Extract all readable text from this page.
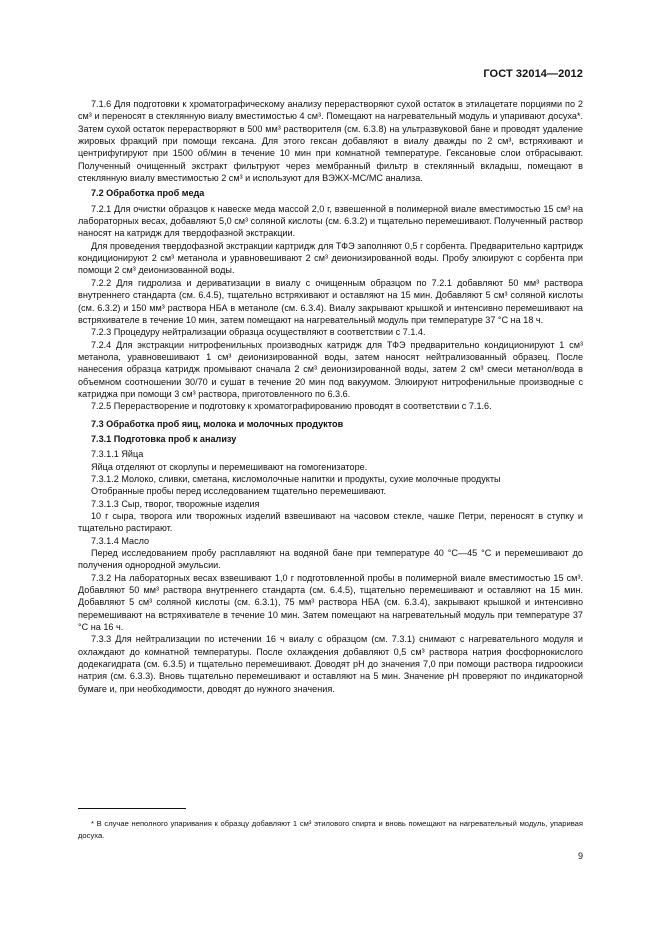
ГОСТ 32014—2012

7.1.6 Для подготовки к хроматографическому анализу перерастворяют сухой остаток в этилацетате порциями по 2 см³ и переносят в стеклянную виалу вместимостью 4 см³. Помещают на нагревательный модуль и упаривают досуха*. Затем сухой остаток перерастворяют в 500 мм³ растворителя (см. 6.3.8) на ультразвуковой бане и проводят удаление жировых фракций при помощи гексана. Для этого гексан добавляют в виалу дважды по 2 см³, встряхивают и центрифугируют при 1500 об/мин в течение 10 мин при комнатной температуре. Гексановые слои отбрасывают. Полученный очищенный экстракт фильтруют через мембранный фильтр в стеклянный вкладыш, помещают в стеклянную виалу вместимостью 2 см³ и используют для ВЭЖХ-МС/МС анализа.

7.2 Обработка проб меда

7.2.1 Для очистки образцов к навеске меда массой 2,0 г, взвешенной в полимерной виале вместимостью 15 см³ на лабораторных весах, добавляют 5,0 см³ соляной кислоты (см. 6.3.2) и тщательно перемешивают. Полученный раствор наносят на катридж для твердофазной экстракции.

Для проведения твердофазной экстракции картридж для ТФЭ заполняют 0,5 г сорбента. Предварительно картридж кондиционируют 2 см³ метанола и уравновешивают 2 см³ деионизированной воды. Пробу элюируют с сорбента при помощи 2 см³ деионизованной воды.

7.2.2 Для гидролиза и дериватизации в виалу с очищенным образцом по 7.2.1 добавляют 50 мм³ раствора внутреннего стандарта (см. 6.4.5), тщательно встряхивают и оставляют на 15 мин. Добавляют 5 см³ соляной кислоты (см. 6.3.2) и 150 мм³ раствора НБА в метаноле (см. 6.3.4). Виалу закрывают крышкой и интенсивно перемешивают на встряхивателе в течение 10 мин, затем помещают на нагревательный модуль при температуре 37 °С на 18 ч.

7.2.3 Процедуру нейтрализации образца осуществляют в соответствии с 7.1.4.

7.2.4 Для экстракции нитрофенильных производных катридж для ТФЭ предварительно кондиционируют 1 см³ метанола, уравновешивают 1 см³ деионизированной воды, затем наносят нейтрализованный образец. После нанесения образца катридж промывают сначала 2 см³ деионизированной воды, затем 2 см³ смеси метанол/вода в объемном соотношении 30/70 и сушат в течение 20 мин под вакуумом. Элюируют нитрофенильные производные с катриджа при помощи 3 см³ раствора, приготовленного по 6.3.6.

7.2.5 Перерастворение и подготовку к хроматографированию проводят в соответствии с 7.1.6.

7.3 Обработка проб яиц, молока и молочных продуктов

7.3.1 Подготовка проб к анализу

7.3.1.1 Яйца

Яйца отделяют от скорлупы и перемешивают на гомогенизаторе.

7.3.1.2 Молоко, сливки, сметана, кисломолочные напитки и продукты, сухие молочные продукты

Отобранные пробы перед исследованием тщательно перемешивают.

7.3.1.3 Сыр, творог, творожные изделия

10 г сыра, творога или творожных изделий взвешивают на часовом стекле, чашке Петри, переносят в ступку и тщательно растирают.

7.3.1.4 Масло

Перед исследованием пробу расплавляют на водяной бане при температуре 40 °С—45 °С и перемешивают до получения однородной эмульсии.

7.3.2 На лабораторных весах взвешивают 1,0 г подготовленной пробы в полимерной виале вместимостью 15 см³. Добавляют 50 мм³ раствора внутреннего стандарта (см. 6.4.5), тщательно перемешивают и оставляют на 15 мин. Добавляют 5 см³ соляной кислоты (см. 6.3.1), 75 мм³ раствора НБА (см. 6.3.4), закрывают крышкой и интенсивно перемешивают на встряхивателе в течение 10 мин. Затем помещают на нагревательный модуль при температуре 37 °С на 16 ч.

7.3.3 Для нейтрализации по истечении 16 ч виалу с образцом (см. 7.3.1) снимают с нагревательного модуля и охлаждают до комнатной температуры. После охлаждения добавляют 0,5 см³ раствора натрия фосфорнокислого додекагидрата (см. 6.3.5) и тщательно перемешивают. Доводят pH до значения 7,0 при помощи раствора гидроокиси натрия (см. 6.3.3). Вновь тщательно перемешивают и оставляют на 5 мин. Значение pH проверяют по индикаторной бумаге и, при необходимости, доводят до нужного значения.

* В случае неполного упаривания к образцу добавляют 1 см³ этилового спирта и вновь помещают на нагревательный модуль, упаривая досуха.
9
